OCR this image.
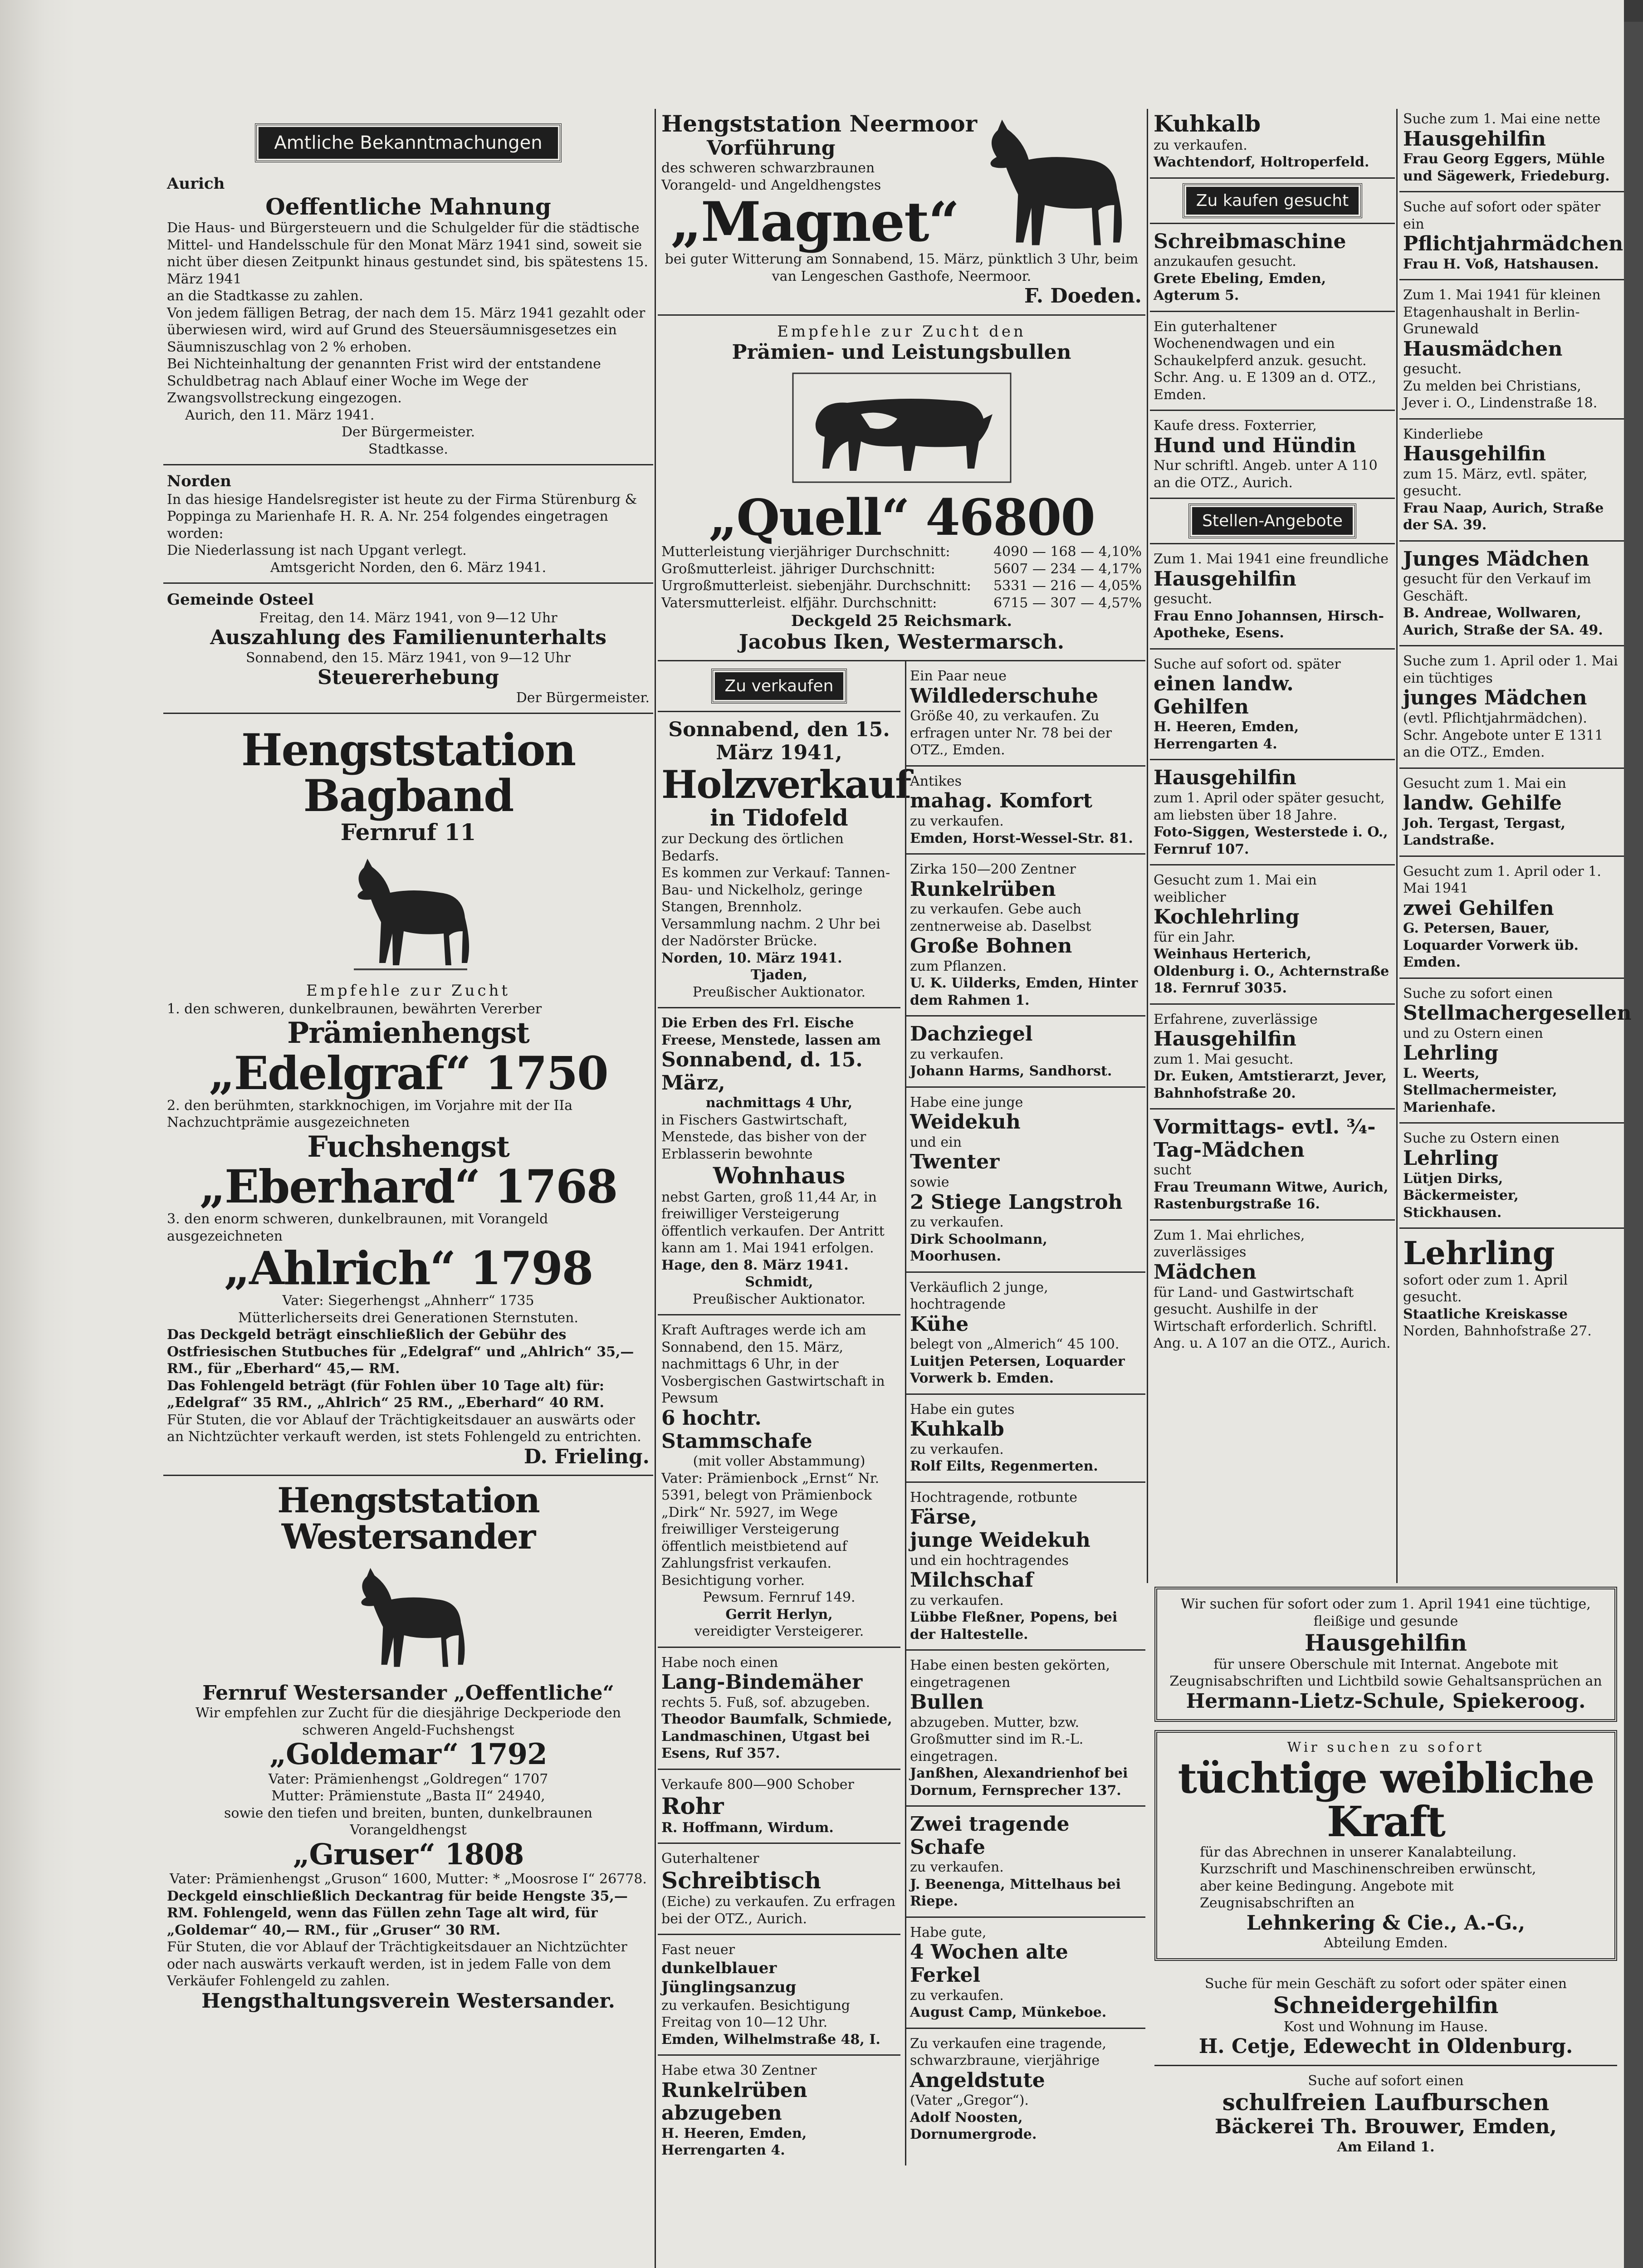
Amtliche Bekanntmachungen
Aurich
Oeffentliche Mahnung
Die Haus- und Bürgersteuern und die Schulgelder für die städtische Mittel- und Handelsschule für den Monat März 1941 sind, soweit sie nicht über diesen Zeitpunkt hinaus gestundet sind, bis spätestens 15. März 1941
an die Stadtkasse zu zahlen.
Von jedem fälligen Betrag, der nach dem 15. März 1941 gezahlt oder überwiesen wird, wird auf Grund des Steuersäumnisgesetzes ein Säumniszuschlag von 2 % erhoben.
Bei Nichteinhaltung der genannten Frist wird der entstandene Schuldbetrag nach Ablauf einer Woche im Wege der Zwangsvollstreckung eingezogen.
Aurich, den 11. März 1941.
Der Bürgermeister.
Stadtkasse.
Norden
In das hiesige Handelsregister ist heute zu der Firma Stürenburg & Poppinga zu Marienhafe H. R. A. Nr. 254 folgendes eingetragen worden:
Die Niederlassung ist nach Upgant verlegt.
Amtsgericht Norden, den 6. März 1941.
Gemeinde Osteel
Freitag, den 14. März 1941, von 9—12 Uhr
Auszahlung des Familienunterhalts
Sonnabend, den 15. März 1941, von 9—12 Uhr
Steuererhebung
Der Bürgermeister.
Hengststation Bagband
Fernruf 11
Empfehle zur Zucht
1. den schweren, dunkelbraunen, bewährten Vererber
Prämienhengst
„Edelgraf“ 1750
2. den berühmten, starkknochigen, im Vorjahre mit der IIa Nachzuchtprämie ausgezeichneten
Fuchshengst
„Eberhard“ 1768
3. den enorm schweren, dunkelbraunen, mit Vorangeld ausgezeichneten
„Ahlrich“ 1798
Vater: Siegerhengst „Ahnherr“ 1735
Mütterlicherseits drei Generationen Sternstuten.
Das Deckgeld beträgt einschließlich der Gebühr des Ostfriesischen Stutbuches für „Edelgraf“ und „Ahlrich“ 35,— RM., für „Eberhard“ 45,— RM.
Das Fohlengeld beträgt (für Fohlen über 10 Tage alt) für: „Edelgraf“ 35 RM., „Ahlrich“ 25 RM., „Eberhard“ 40 RM.
Für Stuten, die vor Ablauf der Trächtigkeitsdauer an auswärts oder an Nichtzüchter verkauft werden, ist stets Fohlengeld zu entrichten.
D. Frieling.
Hengststation Westersander
Fernruf Westersander „Oeffentliche“
Wir empfehlen zur Zucht für die diesjährige Deckperiode den schweren Angeld-Fuchshengst
„Goldemar“ 1792
Vater: Prämienhengst „Goldregen“ 1707
Mutter: Prämienstute „Basta II“ 24940,
sowie den tiefen und breiten, bunten, dunkelbraunen
Vorangeldhengst
„Gruser“ 1808
Vater: Prämienhengst „Gruson“ 1600, Mutter: * „Moosrose I“ 26778.
Deckgeld einschließlich Deckantrag für beide Hengste 35,—RM. Fohlengeld, wenn das Füllen zehn Tage alt wird, für „Goldemar“ 40,— RM., für „Gruser“ 30 RM.
Für Stuten, die vor Ablauf der Trächtigkeitsdauer an Nichtzüchter oder nach auswärts verkauft werden, ist in jedem Falle von dem Verkäufer Fohlengeld zu zahlen.
Hengsthaltungsverein Westersander.
Hengststation Neermoor
Vorführung
des schweren schwarzbraunen Vorangeld- und Angeldhengstes
„Magnet“
bei guter Witterung am Sonnabend, 15. März, pünktlich 3 Uhr, beim van Lengeschen Gasthofe, Neermoor.
F. Doeden.
Empfehle zur Zucht den
Prämien- und Leistungsbullen
„Quell“ 46800
Mutterleistung vierjähriger Durchschnitt:	4090 — 168 — 4,10%
Großmutterleist. jähriger Durchschnitt:	5607 — 234 — 4,17%
Urgroßmutterleist. siebenjähr. Durchschnitt: 5331 — 216 — 4,05%
Vatersmutterleist. elfjähr. Durchschnitt:	6715 — 307 — 4,57%
Deckgeld 25 Reichsmark.
Jacobus Iken, Westermarsch.
Zu verkaufen
Sonnabend, den 15. März 1941,
Holzverkauf
in Tidofeld
zur Deckung des örtlichen Bedarfs.
Es kommen zur Verkauf: Tannen-Bau- und Nickelholz, geringe Stangen, Brennholz.
Versammlung nachm. 2 Uhr bei der Nadörster Brücke.
Norden, 10. März 1941.
Tjaden,
Preußischer Auktionator.
Die Erben des Frl. Eische Freese, Menstede, lassen am
Sonnabend, d. 15. März,
nachmittags 4 Uhr,
in Fischers Gastwirtschaft, Menstede, das bisher von der Erblasserin bewohnte
Wohnhaus
nebst Garten, groß 11,44 Ar, in freiwilliger Versteigerung öffentlich verkaufen. Der Antritt kann am 1. Mai 1941 erfolgen.
Hage, den 8. März 1941.
Schmidt,
Preußischer Auktionator.
Kraft Auftrages werde ich am Sonnabend, den 15. März, nachmittags 6 Uhr, in der Vosbergischen Gastwirtschaft in Pewsum
6 hochtr. Stammschafe
(mit voller Abstammung)
Vater: Prämienbock „Ernst“ Nr. 5391, belegt von Prämienbock „Dirk“ Nr. 5927, im Wege freiwilliger Versteigerung öffentlich meistbietend auf Zahlungsfrist verkaufen. Besichtigung vorher.
Pewsum. Fernruf 149.
Gerrit Herlyn,
vereidigter Versteigerer.
Habe noch einen
Lang-Bindemäher
rechts 5. Fuß, sof. abzugeben.
Theodor Baumfalk, Schmiede, Landmaschinen, Utgast bei Esens, Ruf 357.
Verkaufe 800—900 Schober
Rohr
R. Hoffmann, Wirdum.
Guterhaltener
Schreibtisch
(Eiche) zu verkaufen. Zu erfragen bei der OTZ., Aurich.
Fast neuer
dunkelblauer Jünglingsanzug
zu verkaufen. Besichtigung Freitag von 10—12 Uhr.
Emden, Wilhelmstraße 48, I.
Habe etwa 30 Zentner
Runkelrüben abzugeben
H. Heeren, Emden, Herrengarten 4.
Ein Paar neue
Wildlederschuhe
Größe 40, zu verkaufen. Zu erfragen unter Nr. 78 bei der OTZ., Emden.
Antikes
mahag. Komfort
zu verkaufen.
Emden, Horst-Wessel-Str. 81.
Zirka 150—200 Zentner
Runkelrüben
zu verkaufen. Gebe auch zentnerweise ab. Daselbst
Große Bohnen
zum Pflanzen.
U. K. Uilderks, Emden, Hinter dem Rahmen 1.
Dachziegel
zu verkaufen.
Johann Harms, Sandhorst.
Habe eine junge
Weidekuh
und ein
Twenter
sowie
2 Stiege Langstroh
zu verkaufen.
Dirk Schoolmann, Moorhusen.
Verkäuflich 2 junge, hochtragende
Kühe
belegt von „Almerich“ 45 100.
Luitjen Petersen, Loquarder Vorwerk b. Emden.
Habe ein gutes
Kuhkalb
zu verkaufen.
Rolf Eilts, Regenmerten.
Hochtragende, rotbunte
Färse,
junge Weidekuh
und ein hochtragendes
Milchschaf
zu verkaufen.
Lübbe Fleßner, Popens, bei der Haltestelle.
Habe einen besten gekörten, eingetragenen
Bullen
abzugeben. Mutter, bzw. Großmutter sind im R.-L. eingetragen.
Janßhen, Alexandrienhof bei Dornum, Fernsprecher 137.
Zwei tragende Schafe
zu verkaufen.
J. Beenenga, Mittelhaus bei Riepe.
Habe gute,
4 Wochen alte Ferkel
zu verkaufen.
August Camp, Münkeboe.
Zu verkaufen eine tragende, schwarzbraune, vierjährige
Angeldstute
(Vater „Gregor“).
Adolf Noosten, Dornumergrode.
Kuhkalb
zu verkaufen.
Wachtendorf, Holtroperfeld.
Zu kaufen gesucht
Schreibmaschine
anzukaufen gesucht.
Grete Ebeling, Emden, Agterum 5.
Ein guterhaltener Wochenendwagen und ein Schaukelpferd anzuk. gesucht. Schr. Ang. u. E 1309 an d. OTZ., Emden.
Kaufe dress. Foxterrier,
Hund und Hündin
Nur schriftl. Angeb. unter A 110 an die OTZ., Aurich.
Stellen-Angebote
Zum 1. Mai 1941 eine freundliche
Hausgehilfin
gesucht.
Frau Enno Johannsen, Hirsch-Apotheke, Esens.
Suche auf sofort od. später
einen landw. Gehilfen
H. Heeren, Emden, Herrengarten 4.
Hausgehilfin
zum 1. April oder später gesucht, am liebsten über 18 Jahre.
Foto-Siggen, Westerstede i. O., Fernruf 107.
Gesucht zum 1. Mai ein weiblicher
Kochlehrling
für ein Jahr.
Weinhaus Herterich, Oldenburg i. O., Achternstraße 18. Fernruf 3035.
Erfahrene, zuverlässige
Hausgehilfin
zum 1. Mai gesucht.
Dr. Euken, Amtstierarzt, Jever, Bahnhofstraße 20.
Vormittags- evtl. ¾-Tag-Mädchen
sucht
Frau Treumann Witwe, Aurich, Rastenburgstraße 16.
Zum 1. Mai ehrliches, zuverlässiges
Mädchen
für Land- und Gastwirtschaft gesucht. Aushilfe in der Wirtschaft erforderlich. Schriftl. Ang. u. A 107 an die OTZ., Aurich.
Suche zum 1. Mai eine nette
Hausgehilfin
Frau Georg Eggers, Mühle und Sägewerk, Friedeburg.
Suche auf sofort oder später ein
Pflichtjahrmädchen
Frau H. Voß, Hatshausen.
Zum 1. Mai 1941 für kleinen Etagenhaushalt in Berlin-Grunewald
Hausmädchen
gesucht.
Zu melden bei Christians, Jever i. O., Lindenstraße 18.
Kinderliebe
Hausgehilfin
zum 15. März, evtl. später, gesucht.
Frau Naap, Aurich, Straße der SA. 39.
Junges Mädchen
gesucht für den Verkauf im Geschäft.
B. Andreae, Wollwaren, Aurich, Straße der SA. 49.
Suche zum 1. April oder 1. Mai ein tüchtiges
junges Mädchen
(evtl. Pflichtjahrmädchen). Schr. Angebote unter E 1311 an die OTZ., Emden.
Gesucht zum 1. Mai ein
landw. Gehilfe
Joh. Tergast, Tergast, Landstraße.
Gesucht zum 1. April oder 1. Mai 1941
zwei Gehilfen
G. Petersen, Bauer, Loquarder Vorwerk üb. Emden.
Suche zu sofort einen
Stellmachergesellen
und zu Ostern einen
Lehrling
L. Weerts, Stellmachermeister, Marienhafe.
Suche zu Ostern einen
Lehrling
Lütjen Dirks, Bäckermeister, Stickhausen.
Lehrling
sofort oder zum 1. April gesucht.
Staatliche Kreiskasse
Norden, Bahnhofstraße 27.
Wir suchen für sofort oder zum 1. April 1941 eine tüchtige, fleißige und gesunde
Hausgehilfin
für unsere Oberschule mit Internat. Angebote mit Zeugnisabschriften und Lichtbild sowie Gehaltsansprüchen an
Hermann-Lietz-Schule, Spiekeroog.
Wir suchen zu sofort
tüchtige weibliche Kraft
für das Abrechnen in unserer Kanalabteilung. Kurzschrift und Maschinenschreiben erwünscht, aber keine Bedingung. Angebote mit Zeugnisabschriften an
Lehnkering & Cie., A.-G.,
Abteilung Emden.
Suche für mein Geschäft zu sofort oder später einen
Schneidergehilfin
Kost und Wohnung im Hause.
H. Cetje, Edewecht in Oldenburg.
Suche auf sofort einen
schulfreien Laufburschen
Bäckerei Th. Brouwer, Emden,
Am Eiland 1.
